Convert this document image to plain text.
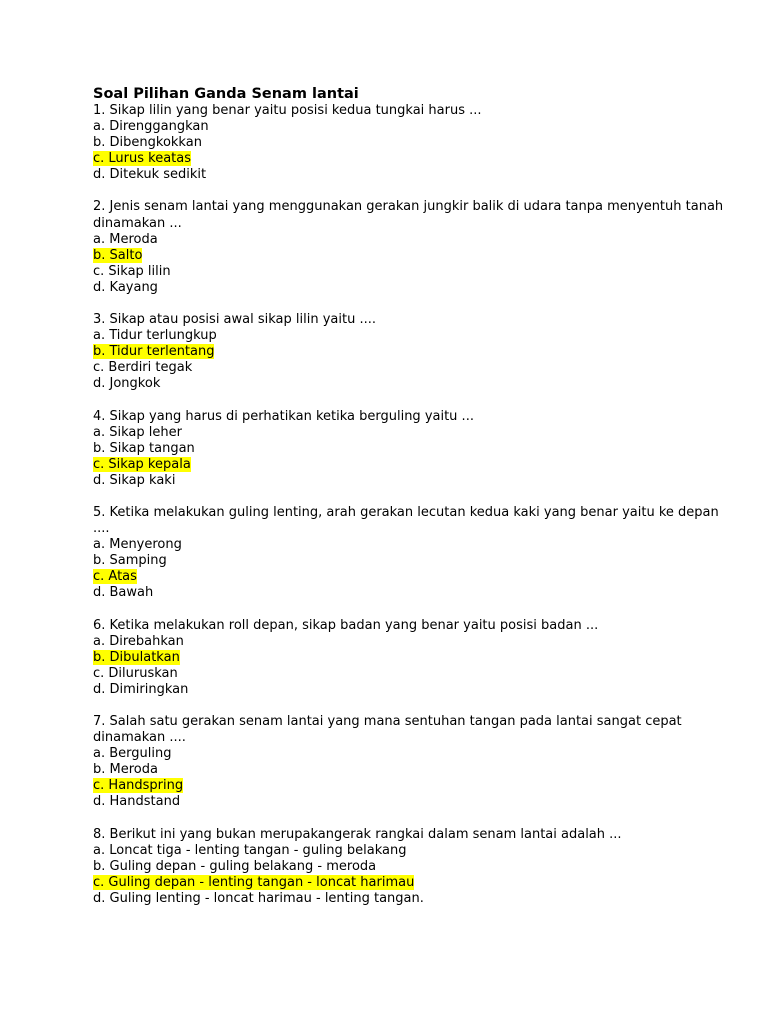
Soal Pilihan Ganda Senam lantai
1. Sikap lilin yang benar yaitu posisi kedua tungkai harus ...
a. Direnggangkan
b. Dibengkokkan
c. Lurus keatas
d. Ditekuk sedikit
2. Jenis senam lantai yang menggunakan gerakan jungkir balik di udara tanpa menyentuh tanah dinamakan ...
a. Meroda
b. Salto
c. Sikap lilin
d. Kayang
3. Sikap atau posisi awal sikap lilin yaitu ....
a. Tidur terlungkup
b. Tidur terlentang
c. Berdiri tegak
d. Jongkok
4. Sikap yang harus di perhatikan ketika berguling yaitu ...
a. Sikap leher
b. Sikap tangan
c. Sikap kepala
d. Sikap kaki
5. Ketika melakukan guling lenting, arah gerakan lecutan kedua kaki yang benar yaitu ke depan ....
a. Menyerong
b. Samping
c. Atas
d. Bawah
6. Ketika melakukan roll depan, sikap badan yang benar yaitu posisi badan ...
a. Direbahkan
b. Dibulatkan
c. Diluruskan
d. Dimiringkan
7. Salah satu gerakan senam lantai yang mana sentuhan tangan pada lantai sangat cepat dinamakan ....
a. Berguling
b. Meroda
c. Handspring
d. Handstand
8. Berikut ini yang bukan merupakangerak rangkai dalam senam lantai adalah ...
a. Loncat tiga - lenting tangan - guling belakang
b. Guling depan - guling belakang - meroda
c. Guling depan - lenting tangan - loncat harimau
d. Guling lenting - loncat harimau - lenting tangan.
